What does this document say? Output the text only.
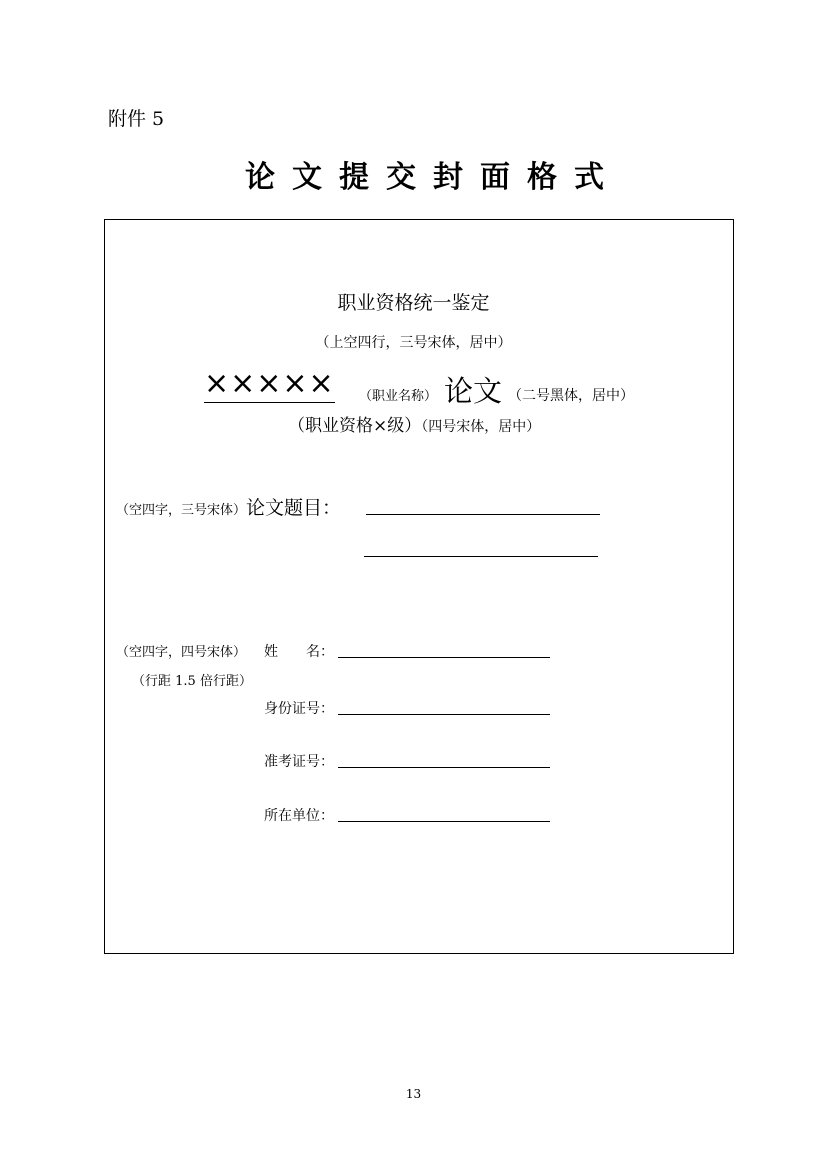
附件 5
论文提交封面格式
职业资格统一鉴定
（上空四行，三号宋体，居中）
××××× （职业名称） 论文 （二号黑体，居中）
（职业资格×级）（四号宋体，居中）
（空四字，三号宋体）论文题目：
（空四字，四号宋体）
（行距 1.5 倍行距）
姓　　名：
身份证号：
准考证号：
所在单位：
13
